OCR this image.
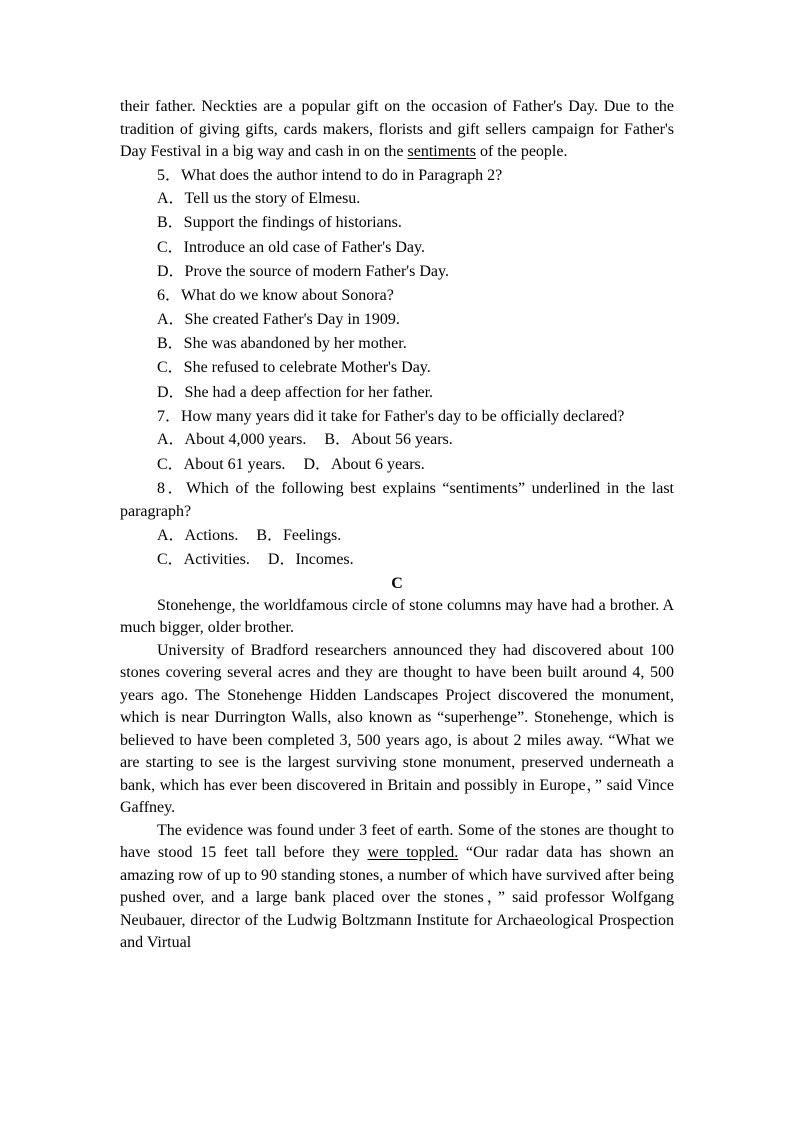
their father. Neckties are a popular gift on the occasion of Father's Day. Due to the tradition of giving gifts, cards makers, florists and gift sellers campaign for Father's Day Festival in a big way and cash in on the sentiments of the people.

5．What does the author intend to do in Paragraph 2?

A．Tell us the story of Elmesu.

B．Support the findings of historians.

C．Introduce an old case of Father's Day.

D．Prove the source of modern Father's Day.

6．What do we know about Sonora?

A．She created Father's Day in 1909.

B．She was abandoned by her mother.

C．She refused to celebrate Mother's Day.

D．She had a deep affection for her father.

7．How many years did it take for Father's day to be officially declared?

A．About 4,000 years. B．About 56 years.

C．About 61 years. D．About 6 years.

8．Which of the following best explains “sentiments” underlined in the last paragraph?

A．Actions. B．Feelings.

C．Activities. D．Incomes.

C

Stonehenge, the worldfamous circle of stone columns may have had a brother. A much bigger, older brother.

University of Bradford researchers announced they had discovered about 100 stones covering several acres and they are thought to have been built around 4, 500 years ago. The Stonehenge Hidden Landscapes Project discovered the monument, which is near Durrington Walls, also known as “superhenge”. Stonehenge, which is believed to have been completed 3, 500 years ago, is about 2 miles away. “What we are starting to see is the largest surviving stone monument, preserved underneath a bank, which has ever been discovered in Britain and possibly in Europe，” said Vince Gaffney.

The evidence was found under 3 feet of earth. Some of the stones are thought to have stood 15 feet tall before they were toppled. “Our radar data has shown an amazing row of up to 90 standing stones, a number of which have survived after being pushed over, and a large bank placed over the stones，” said professor Wolfgang Neubauer, director of the Ludwig Boltzmann Institute for Archaeological Prospection and Virtual
